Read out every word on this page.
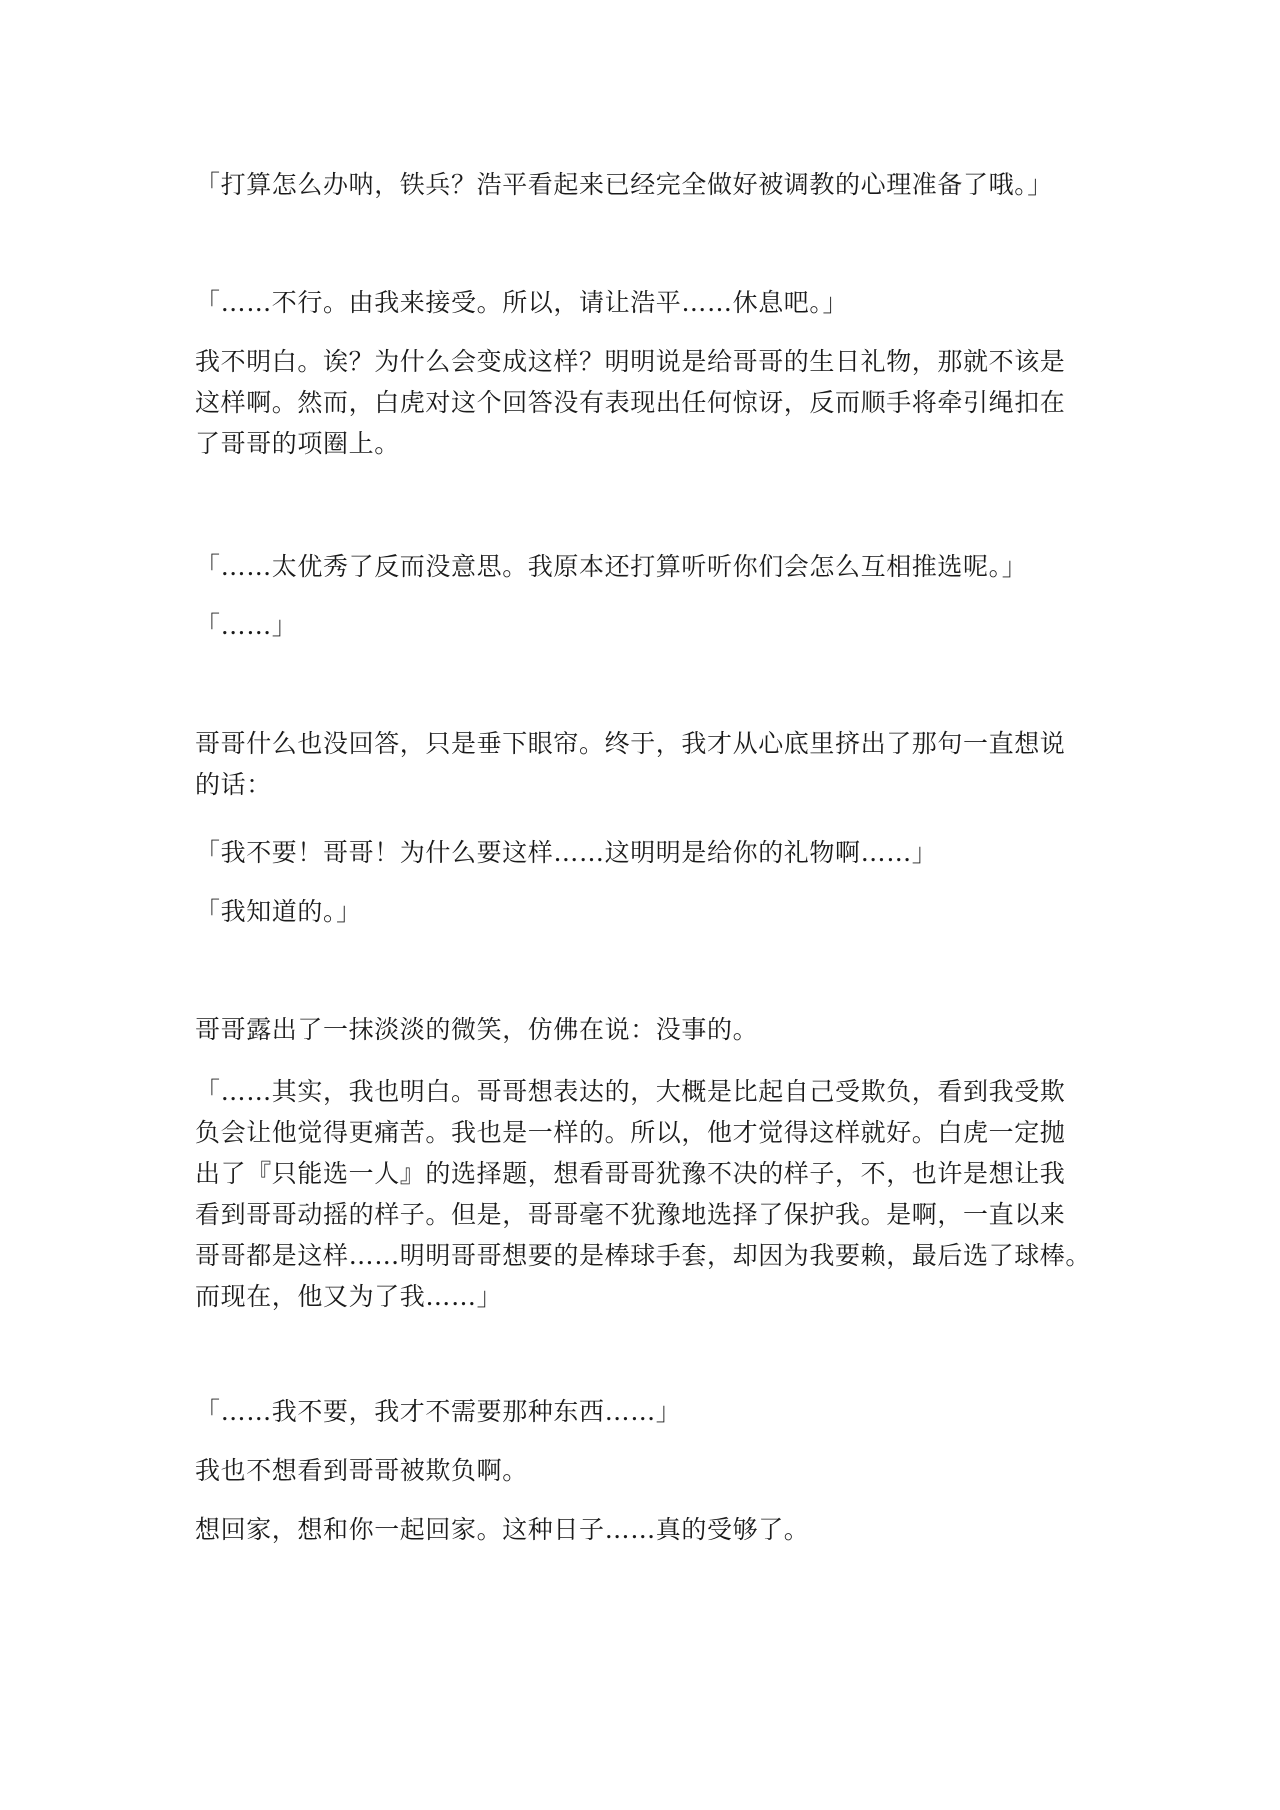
「打算怎么办呐，铁兵？浩平看起来已经完全做好被调教的心理准备了哦。」

「……不行。由我来接受。所以，请让浩平……休息吧。」

我不明白。诶？为什么会变成这样？明明说是给哥哥的生日礼物，那就不该是
这样啊。然而，白虎对这个回答没有表现出任何惊讶，反而顺手将牵引绳扣在
了哥哥的项圈上。

「……太优秀了反而没意思。我原本还打算听听你们会怎么互相推选呢。」

「……」

哥哥什么也没回答，只是垂下眼帘。终于，我才从心底里挤出了那句一直想说
的话：

「我不要！哥哥！为什么要这样……这明明是给你的礼物啊……」

「我知道的。」

哥哥露出了一抹淡淡的微笑，仿佛在说：没事的。

「……其实，我也明白。哥哥想表达的，大概是比起自己受欺负，看到我受欺
负会让他觉得更痛苦。我也是一样的。所以，他才觉得这样就好。白虎一定抛
出了『只能选一人』的选择题，想看哥哥犹豫不决的样子，不，也许是想让我
看到哥哥动摇的样子。但是，哥哥毫不犹豫地选择了保护我。是啊，一直以来
哥哥都是这样……明明哥哥想要的是棒球手套，却因为我要赖，最后选了球棒。
而现在，他又为了我……」

「……我不要，我才不需要那种东西……」

我也不想看到哥哥被欺负啊。

想回家，想和你一起回家。这种日子……真的受够了。
